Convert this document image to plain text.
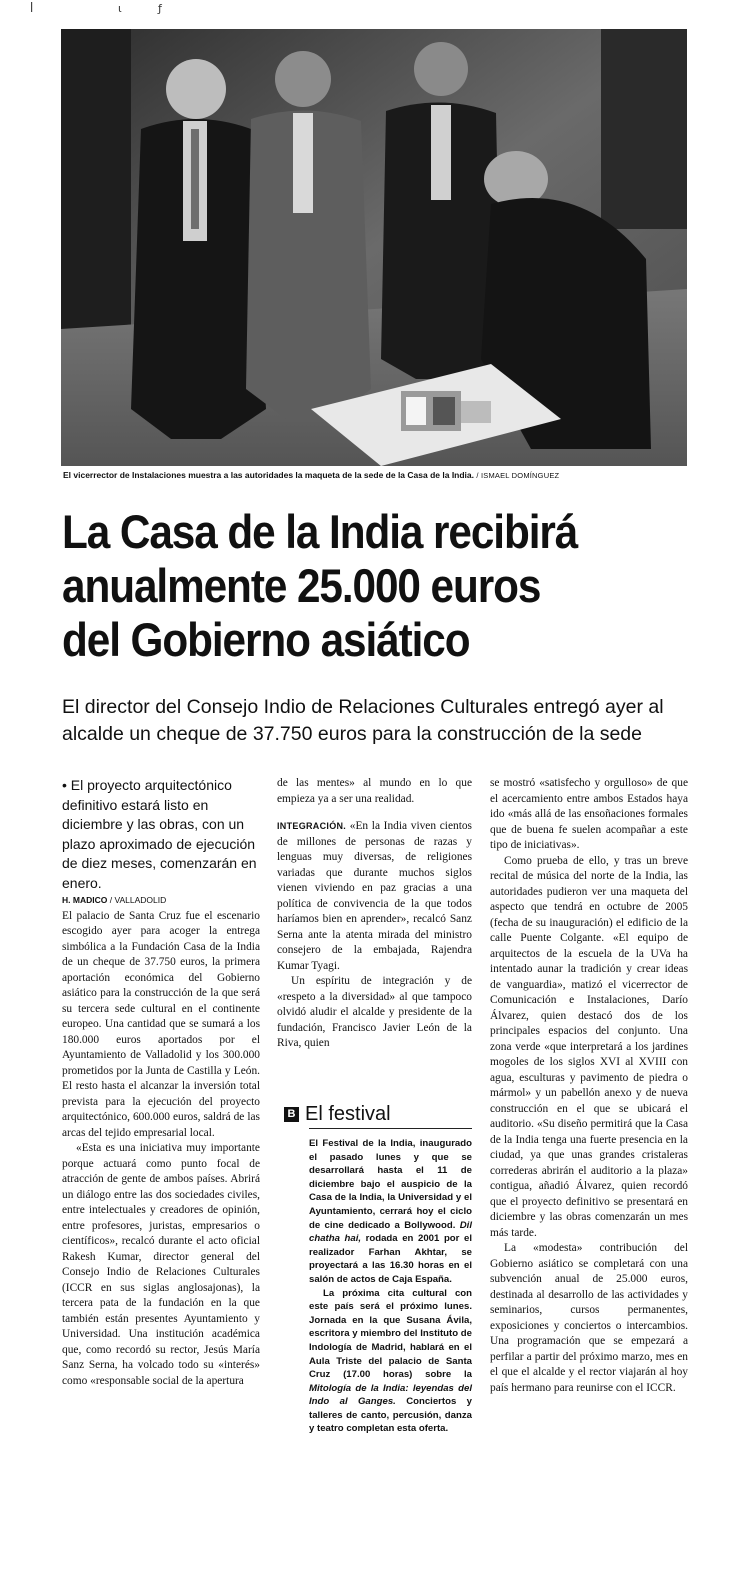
ꟾ	ɩ	ƒ
El vicerrector de Instalaciones muestra a las autoridades la maqueta de la sede de la Casa de la India. / ISMAEL DOMÍNGUEZ
La Casa de la India recibirá
anualmente 25.000 euros
del Gobierno asiático
El director del Consejo Indio de Relaciones Culturales entregó ayer al
alcalde un cheque de 37.750 euros para la construcción de la sede

• El proyecto arquitectónico definitivo estará listo en diciembre y las obras, con un plazo aproximado de ejecución de diez meses, comenzarán en enero.

H. MADICO / VALLADOLID

El palacio de Santa Cruz fue el escenario escogido ayer para acoger la entrega simbólica a la Fundación Casa de la India de un cheque de 37.750 euros, la primera aportación económica del Gobierno asiático para la construcción de la que será su tercera sede cultural en el continente europeo. Una cantidad que se sumará a los 180.000 euros aportados por el Ayuntamiento de Valladolid y los 300.000 prometidos por la Junta de Castilla y León. El resto hasta el alcanzar la inversión total prevista para la ejecución del proyecto arquitectónico, 600.000 euros, saldrá de las arcas del tejido empresarial local.

«Esta es una iniciativa muy importante porque actuará como punto focal de atracción de gente de ambos países. Abrirá un diálogo entre las dos sociedades civiles, entre intelectuales y creadores de opinión, entre profesores, juristas, empresarios o científicos», recalcó durante el acto oficial Rakesh Kumar, director general del Consejo Indio de Relaciones Culturales (ICCR en sus siglas anglosajonas), la tercera pata de la fundación en la que también están presentes Ayuntamiento y Universidad. Una institución académica que, como recordó su rector, Jesús María Sanz Serna, ha volcado todo su «interés» como «responsable social de la apertura

de las mentes» al mundo en lo que empieza ya a ser una realidad.

INTEGRACIÓN. «En la India viven cientos de millones de personas de razas y lenguas muy diversas, de religiones variadas que durante muchos siglos vienen viviendo en paz gracias a una política de convivencia de la que todos haríamos bien en aprender», recalcó Sanz Serna ante la atenta mirada del ministro consejero de la embajada, Rajendra Kumar Tyagi.

Un espíritu de integración y de «respeto a la diversidad» al que tampoco olvidó aludir el alcalde y presidente de la fundación, Francisco Javier León de la Riva, quien

B El festival

El Festival de la India, inaugurado el pasado lunes y que se desarrollará hasta el 11 de diciembre bajo el auspicio de la Casa de la India, la Universidad y el Ayuntamiento, cerrará hoy el ciclo de cine dedicado a Bollywood. Dil chatha hai, rodada en 2001 por el realizador Farhan Akhtar, se proyectará a las 16.30 horas en el salón de actos de Caja España.

La próxima cita cultural con este país será el próximo lunes. Jornada en la que Susana Ávila, escritora y miembro del Instituto de Indología de Madrid, hablará en el Aula Triste del palacio de Santa Cruz (17.00 horas) sobre la Mitología de la India: leyendas del Indo al Ganges. Conciertos y talleres de canto, percusión, danza y teatro completan esta oferta.

se mostró «satisfecho y orgulloso» de que el acercamiento entre ambos Estados haya ido «más allá de las ensoñaciones formales que de buena fe suelen acompañar a este tipo de iniciativas».

Como prueba de ello, y tras un breve recital de música del norte de la India, las autoridades pudieron ver una maqueta del aspecto que tendrá en octubre de 2005 (fecha de su inauguración) el edificio de la calle Puente Colgante. «El equipo de arquitectos de la escuela de la UVa ha intentado aunar la tradición y crear ideas de vanguardia», matizó el vicerrector de Comunicación e Instalaciones, Darío Álvarez, quien destacó dos de los principales espacios del conjunto. Una zona verde «que interpretará a los jardines mogoles de los siglos XVI al XVIII con agua, esculturas y pavimento de piedra o mármol» y un pabellón anexo y de nueva construcción en el que se ubicará el auditorio. «Su diseño permitirá que la Casa de la India tenga una fuerte presencia en la ciudad, ya que unas grandes cristaleras correderas abrirán el auditorio a la plaza» contigua, añadió Álvarez, quien recordó que el proyecto definitivo se presentará en diciembre y las obras comenzarán un mes más tarde.

La «modesta» contribución del Gobierno asiático se completará con una subvención anual de 25.000 euros, destinada al desarrollo de las actividades y seminarios, cursos permanentes, exposiciones y conciertos o intercambios. Una programación que se empezará a perfilar a partir del próximo marzo, mes en el que el alcalde y el rector viajarán al hoy país hermano para reunirse con el ICCR.
